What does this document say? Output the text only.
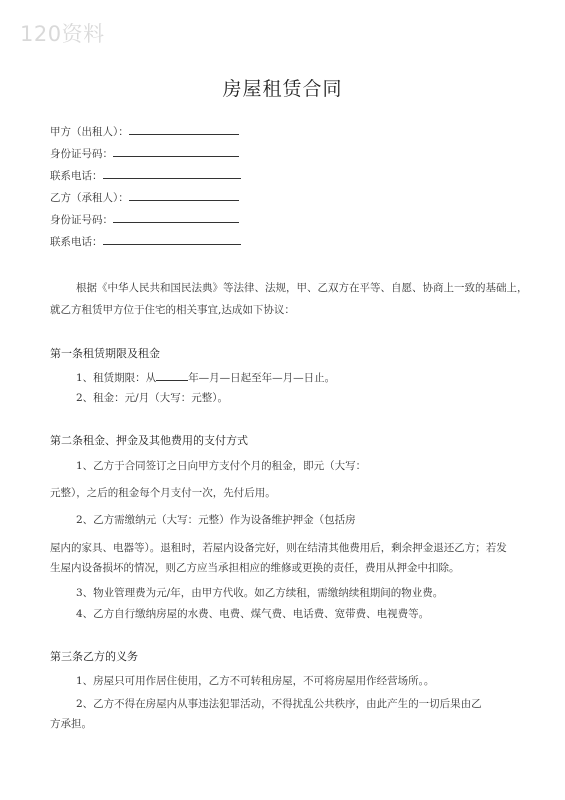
120资料
房屋租赁合同
甲方（出租人）：
身份证号码：
联系电话：
乙方（承租人）：
身份证号码：
联系电话：
根据《中华人民共和国民法典》等法律、法规，甲、乙双方在平等、自愿、协商上一致的基础上，
就乙方租赁甲方位于住宅的相关事宜,达成如下协议：
第一条租赁期限及租金
1、租赁期限：从	年—月—日起至年—月—日止。
2、租金：元/月（大写：元整）。
第二条租金、押金及其他费用的支付方式
1、乙方于合同签订之日向甲方支付个月的租金，即元（大写：
元整），之后的租金每个月支付一次，先付后用。
2、乙方需缴纳元（大写：元整）作为设备维护押金（包括房
屋内的家具、电器等）。退租时，若屋内设备完好，则在结清其他费用后，剩余押金退还乙方；若发
生屋内设备损坏的情况，则乙方应当承担相应的维修或更换的责任，费用从押金中扣除。
3、物业管理费为元/年，由甲方代收。如乙方续租，需缴纳续租期间的物业费。
4、乙方自行缴纳房屋的水费、电费、煤气费、电话费、宽带费、电视费等。
第三条乙方的义务
1、房屋只可用作居住使用，乙方不可转租房屋，不可将房屋用作经营场所。。
2、乙方不得在房屋内从事违法犯罪活动，不得扰乱公共秩序，由此产生的一切后果由乙
方承担。
